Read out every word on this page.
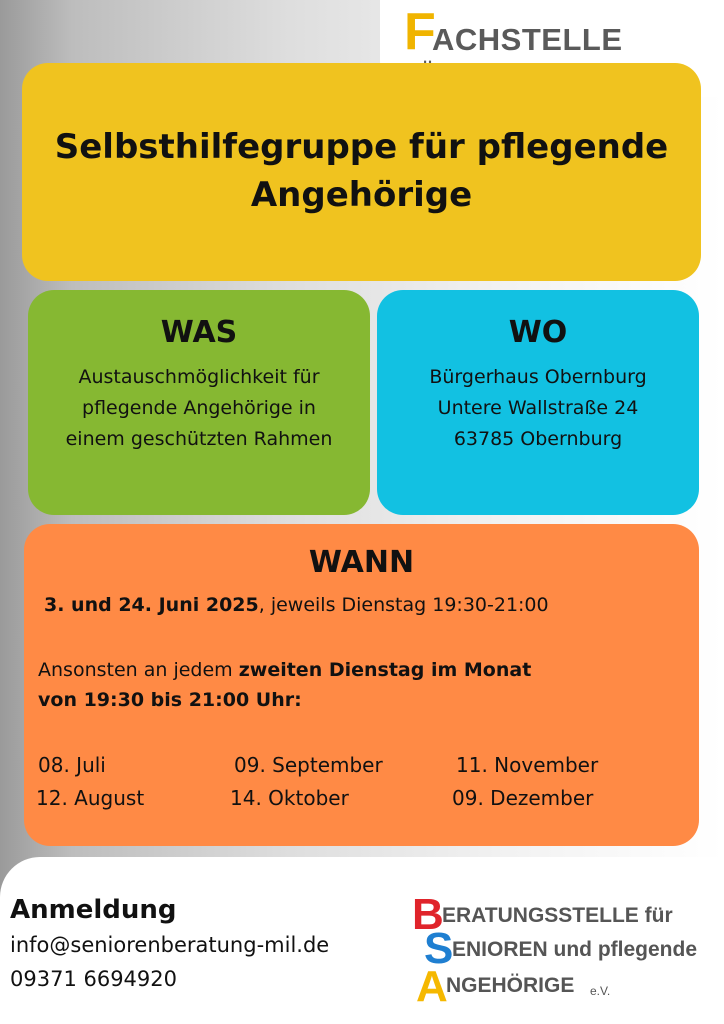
F
ACHSTELLE
Selbsthilfegruppe für pflegende Angehörige
WAS
Austauschmöglichkeit für
pflegende Angehörige in
einem geschützten Rahmen
WO
Bürgerhaus Obernburg
Untere Wallstraße 24
63785 Obernburg
WANN
3. und 24. Juni 2025, jeweils Dienstag 19:30-21:00
Ansonsten an jedem zweiten Dienstag im Monat
von 19:30 bis 21:00 Uhr:
08. Juli
12. August
09. September
14. Oktober
11. November
09. Dezember
Anmeldung
info@seniorenberatung-mil.de
09371 6694920
B
S
A
ERATUNGSSTELLE für
ENIOREN und pflegende
NGEHÖRIGE e.V.
